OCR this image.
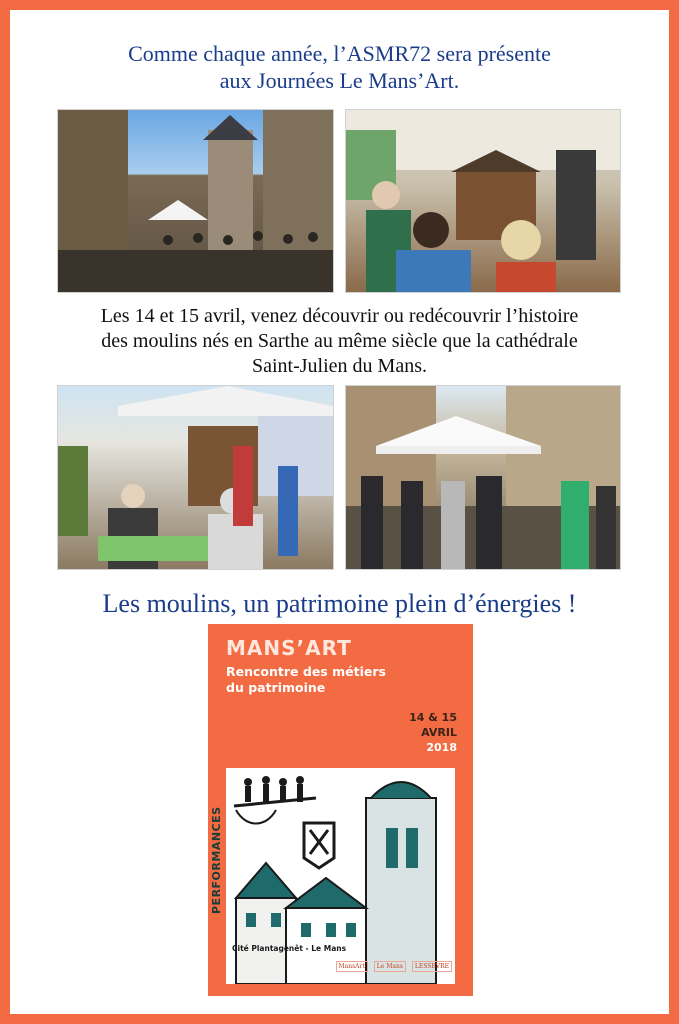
Comme chaque année, l’ASMR72 sera présente
aux Journées Le Mans’Art.
Les 14 et 15 avril, venez découvrir ou redécouvrir l’histoire
des moulins nés en Sarthe au même siècle que la cathédrale
Saint-Julien du Mans.
Les moulins, un patrimoine plein d’énergies !
MANS’ART
Rencontre des métiers
du patrimoine
14 & 15
AVRIL
2018
PERFORMANCES
Cité Plantagenêt - Le Mans
MansArt	Le Mans	LESSEVRE
